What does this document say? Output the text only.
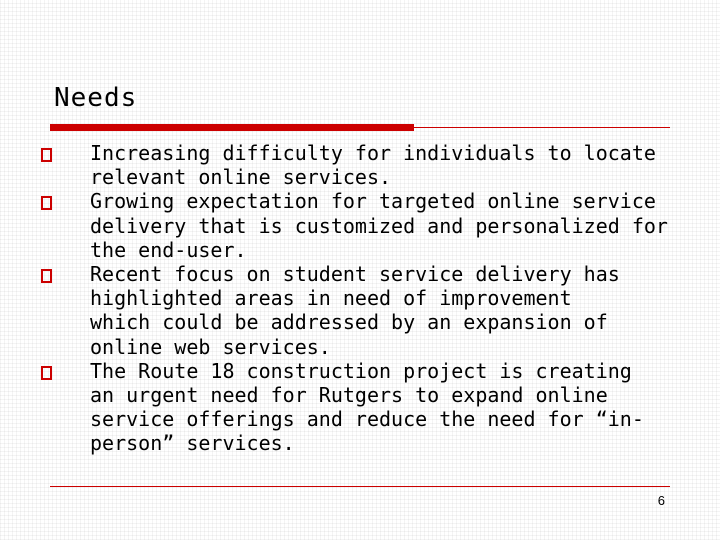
Needs
Increasing difficulty for individuals to locate
relevant online services.
Growing expectation for targeted online service
delivery that is customized and personalized for
the end-user.
Recent focus on student service delivery has
highlighted areas in need of improvement
which could be addressed by an expansion of
online web services.
The Route 18 construction project is creating
an urgent need for Rutgers to expand online
service offerings and reduce the need for “in-
person” services.
6
